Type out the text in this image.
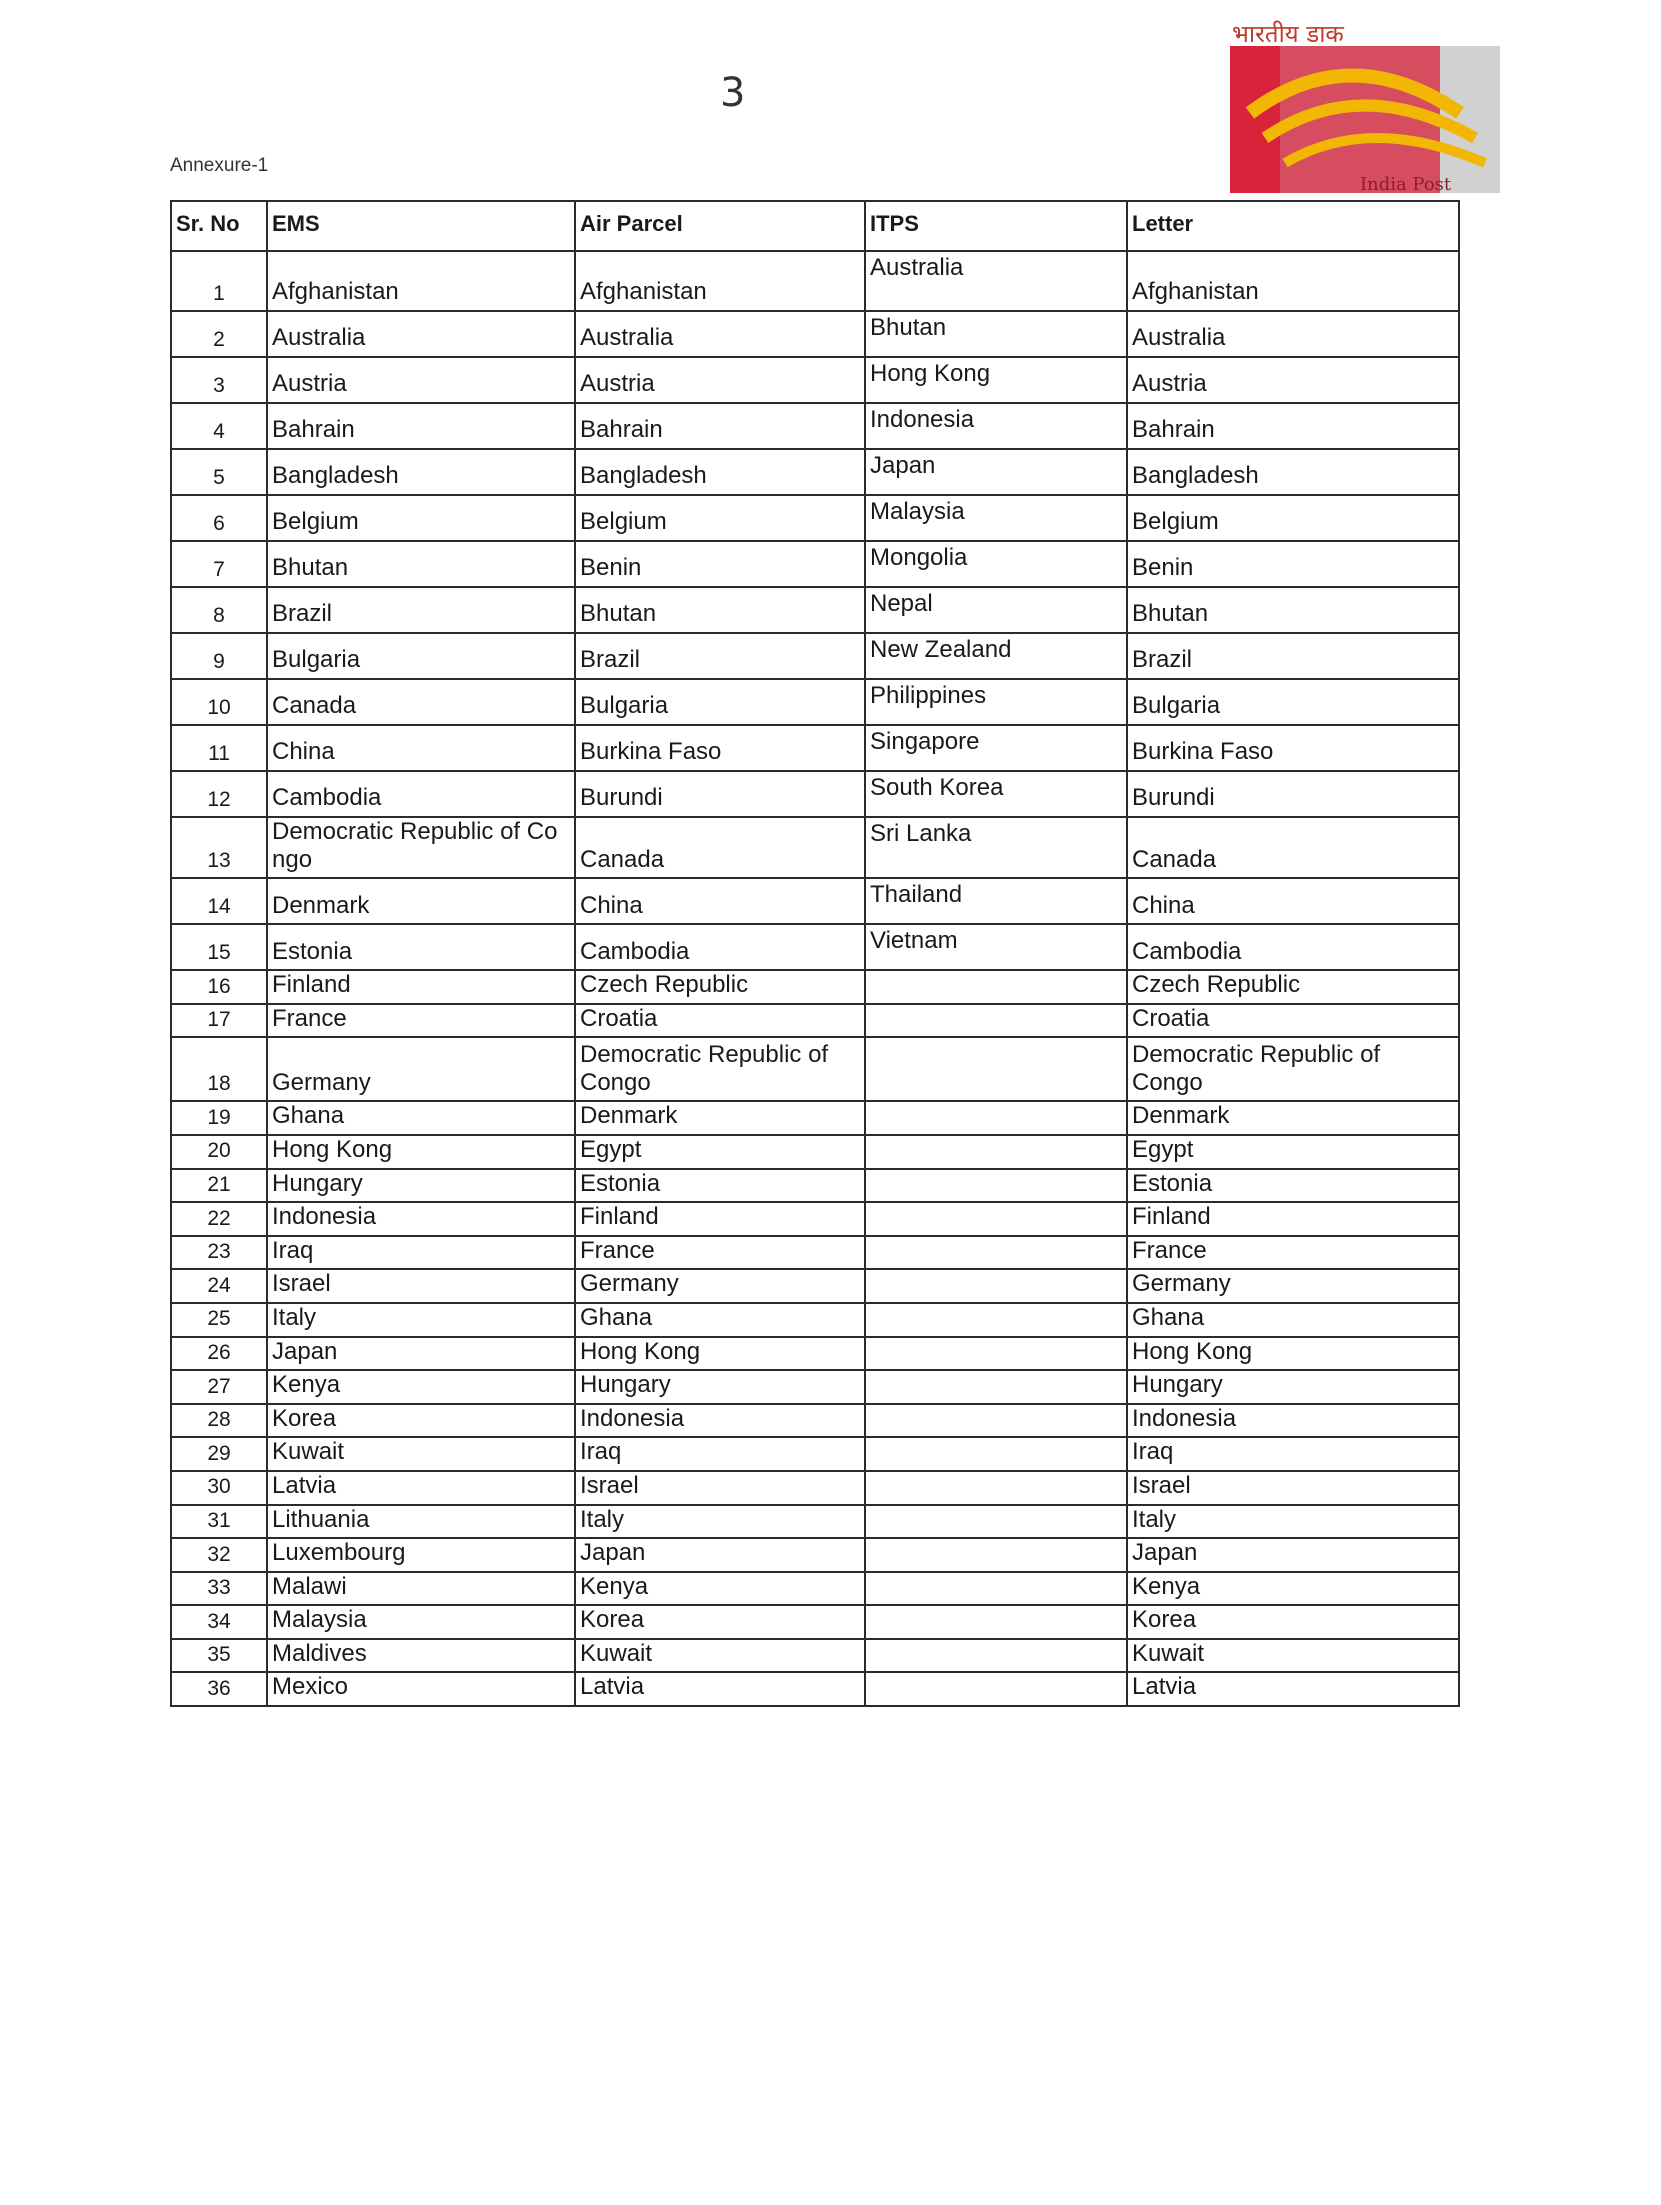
3
Annexure-1
भारतीय डाक
India Post
Sr. No	EMS	Air Parcel	ITPS	Letter
1	Afghanistan	Afghanistan	Australia	Afghanistan
2	Australia	Australia	Bhutan	Australia
3	Austria	Austria	Hong Kong	Austria
4	Bahrain	Bahrain	Indonesia	Bahrain
5	Bangladesh	Bangladesh	Japan	Bangladesh
6	Belgium	Belgium	Malaysia	Belgium
7	Bhutan	Benin	Mongolia	Benin
8	Brazil	Bhutan	Nepal	Bhutan
9	Bulgaria	Brazil	New Zealand	Brazil
10	Canada	Bulgaria	Philippines	Bulgaria
11	China	Burkina Faso	Singapore	Burkina Faso
12	Cambodia	Burundi	South Korea	Burundi
13	Democratic Republic of Co ngo	Canada	Sri Lanka	Canada
14	Denmark	China	Thailand	China
15	Estonia	Cambodia	Vietnam	Cambodia
16	Finland	Czech Republic		Czech Republic
17	France	Croatia		Croatia
18	Germany	Democratic Republic of Congo		Democratic Republic of Congo
19	Ghana	Denmark		Denmark
20	Hong Kong	Egypt		Egypt
21	Hungary	Estonia		Estonia
22	Indonesia	Finland		Finland
23	Iraq	France		France
24	Israel	Germany		Germany
25	Italy	Ghana		Ghana
26	Japan	Hong Kong		Hong Kong
27	Kenya	Hungary		Hungary
28	Korea	Indonesia		Indonesia
29	Kuwait	Iraq		Iraq
30	Latvia	Israel		Israel
31	Lithuania	Italy		Italy
32	Luxembourg	Japan		Japan
33	Malawi	Kenya		Kenya
34	Malaysia	Korea		Korea
35	Maldives	Kuwait		Kuwait
36	Mexico	Latvia		Latvia
